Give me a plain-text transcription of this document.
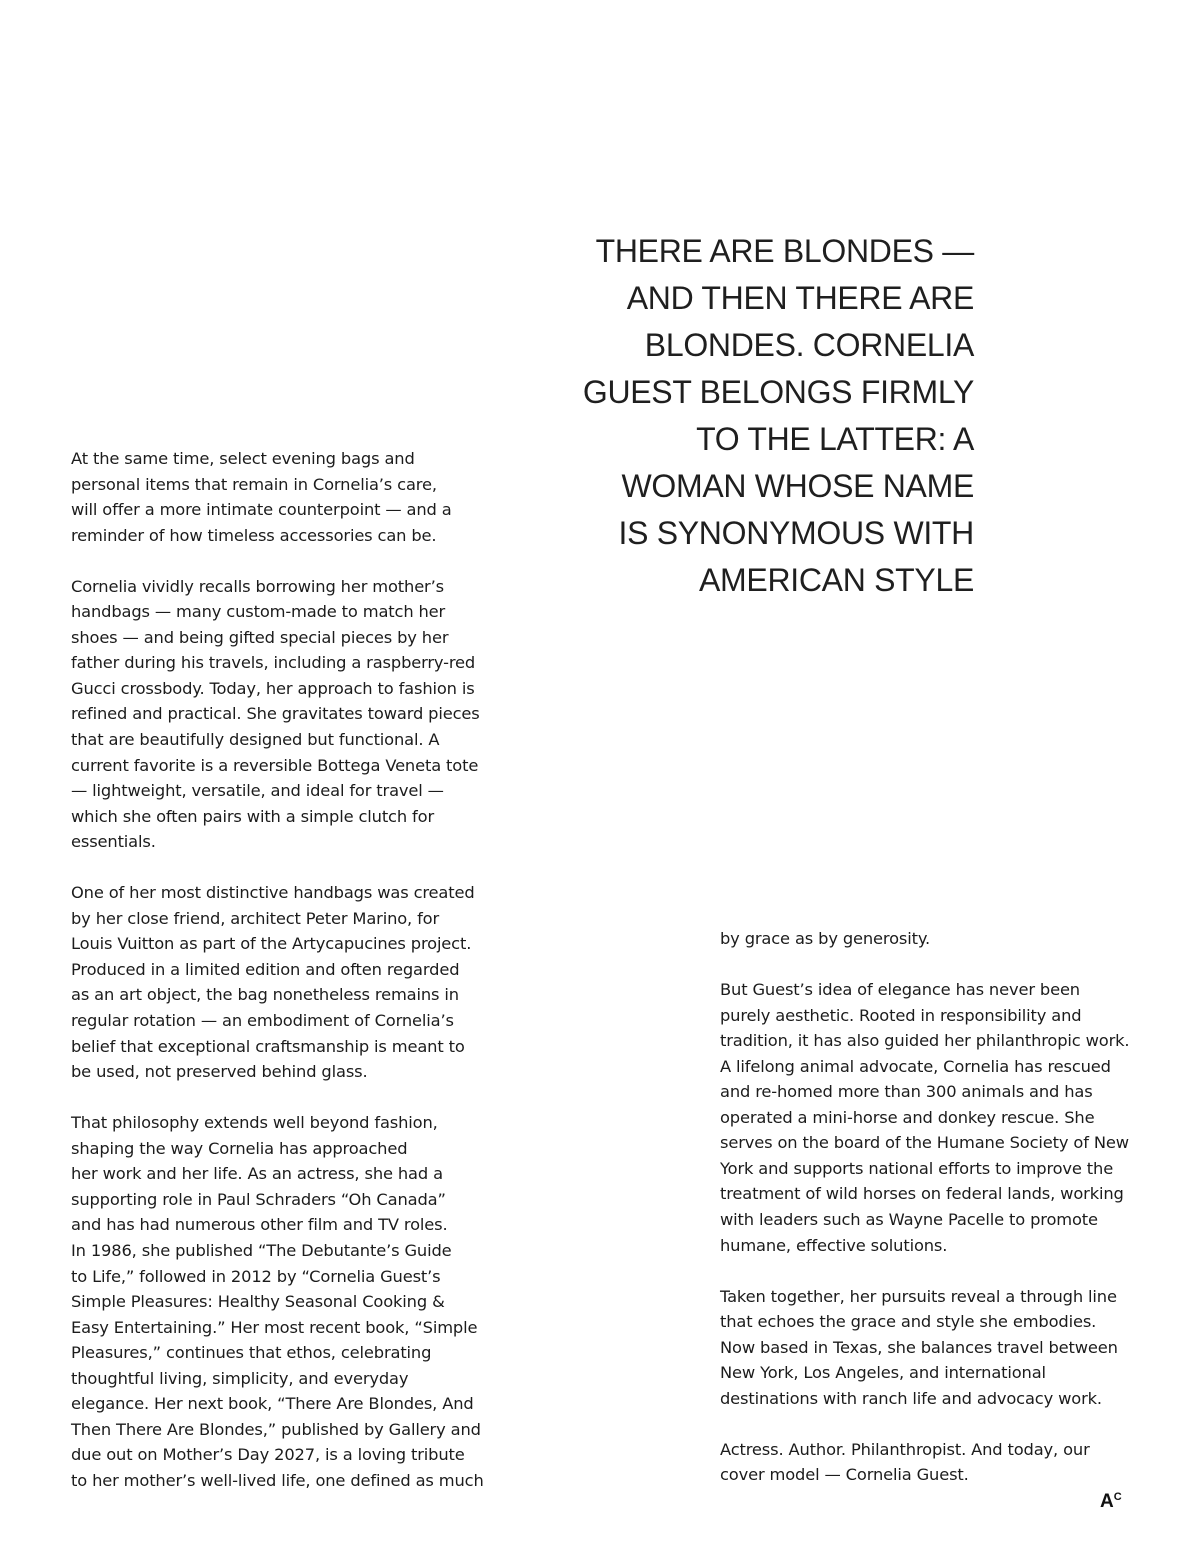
THERE ARE BLONDES —
AND THEN THERE ARE
BLONDES. CORNELIA
GUEST BELONGS FIRMLY
TO THE LATTER: A
WOMAN WHOSE NAME
IS SYNONYMOUS WITH
AMERICAN STYLE

At the same time, select evening bags and
personal items that remain in Cornelia’s care,
will offer a more intimate counterpoint — and a
reminder of how timeless accessories can be.

Cornelia vividly recalls borrowing her mother’s
handbags — many custom-made to match her
shoes — and being gifted special pieces by her
father during his travels, including a raspberry-red
Gucci crossbody. Today, her approach to fashion is
refined and practical. She gravitates toward pieces
that are beautifully designed but functional. A
current favorite is a reversible Bottega Veneta tote
— lightweight, versatile, and ideal for travel —
which she often pairs with a simple clutch for
essentials.

One of her most distinctive handbags was created
by her close friend, architect Peter Marino, for
Louis Vuitton as part of the Artycapucines project.
Produced in a limited edition and often regarded
as an art object, the bag nonetheless remains in
regular rotation — an embodiment of Cornelia’s
belief that exceptional craftsmanship is meant to
be used, not preserved behind glass.

That philosophy extends well beyond fashion,
shaping the way Cornelia has approached
her work and her life. As an actress, she had a
supporting role in Paul Schraders “Oh Canada”
and has had numerous other film and TV roles.
In 1986, she published “The Debutante’s Guide
to Life,” followed in 2012 by “Cornelia Guest’s
Simple Pleasures: Healthy Seasonal Cooking &
Easy Entertaining.” Her most recent book, “Simple
Pleasures,” continues that ethos, celebrating
thoughtful living, simplicity, and everyday
elegance. Her next book, “There Are Blondes, And
Then There Are Blondes,” published by Gallery and
due out on Mother’s Day 2027, is a loving tribute
to her mother’s well-lived life, one defined as much

by grace as by generosity.

But Guest’s idea of elegance has never been
purely aesthetic. Rooted in responsibility and
tradition, it has also guided her philanthropic work.
A lifelong animal advocate, Cornelia has rescued
and re-homed more than 300 animals and has
operated a mini-horse and donkey rescue. She
serves on the board of the Humane Society of New
York and supports national efforts to improve the
treatment of wild horses on federal lands, working
with leaders such as Wayne Pacelle to promote
humane, effective solutions.

Taken together, her pursuits reveal a through line
that echoes the grace and style she embodies.
Now based in Texas, she balances travel between
New York, Los Angeles, and international
destinations with ranch life and advocacy work.

Actress. Author. Philanthropist. And today, our
cover model — Cornelia Guest.

$A^C$
